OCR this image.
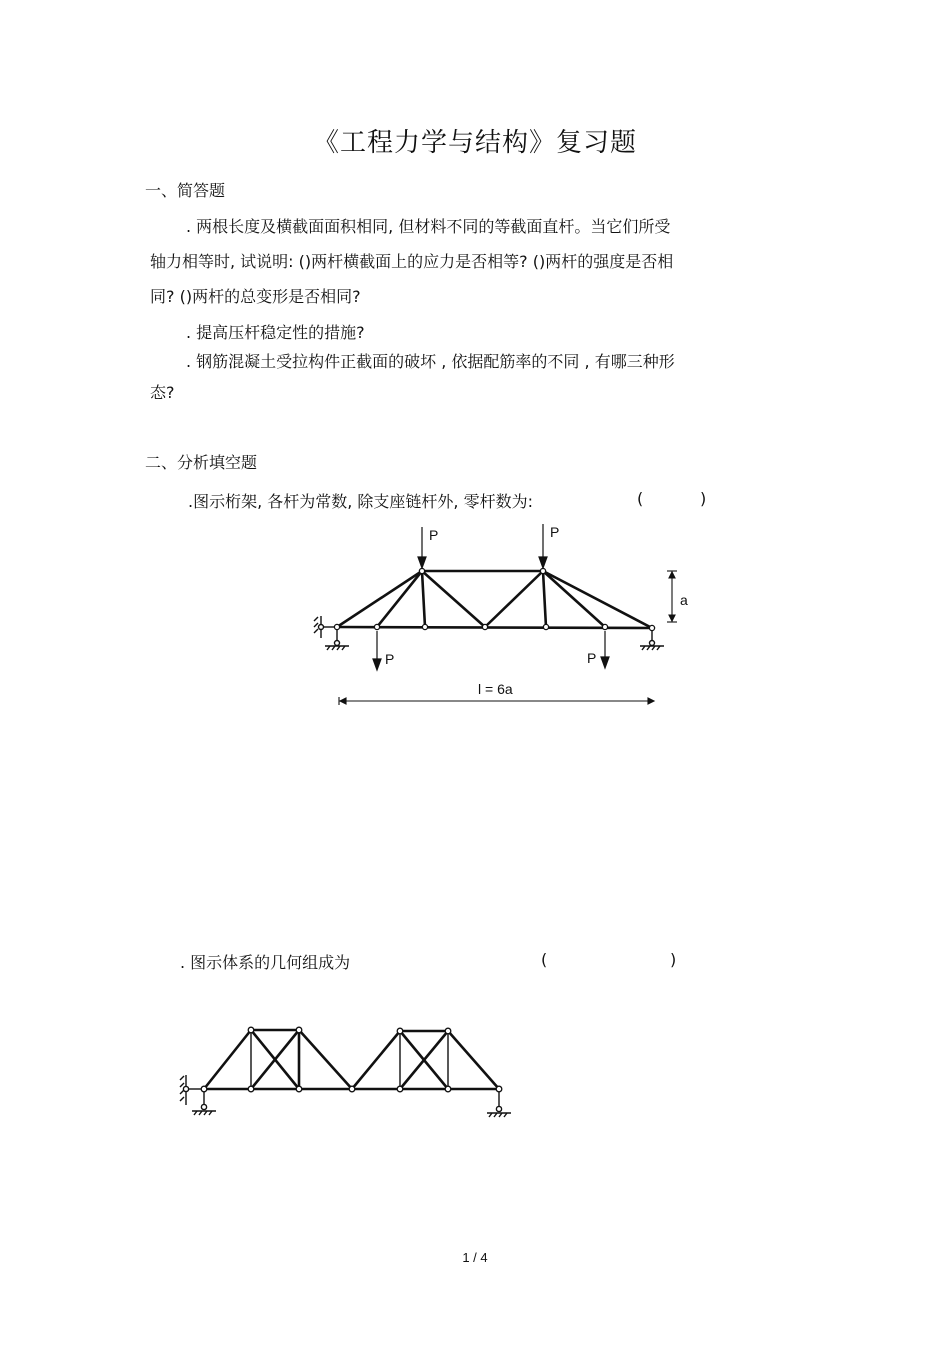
《工程力学与结构》复习题
一、简答题
. 两根长度及横截面面积相同, 但材料不同的等截面直杆。当它们所受
轴力相等时, 试说明: ()两杆横截面上的应力是否相等? ()两杆的强度是否相
同? ()两杆的总变形是否相同?
. 提高压杆稳定性的措施?
. 钢筋混凝土受拉构件正截面的破坏 , 依据配筋率的不同 , 有哪三种形
态?
二、分析填空题
.图示桁架, 各杆为常数, 除支座链杆外, 零杆数为:	(	)
P	P
P	P
a
l = 6a
. 图示体系的几何组成为	(	)
1 / 4
